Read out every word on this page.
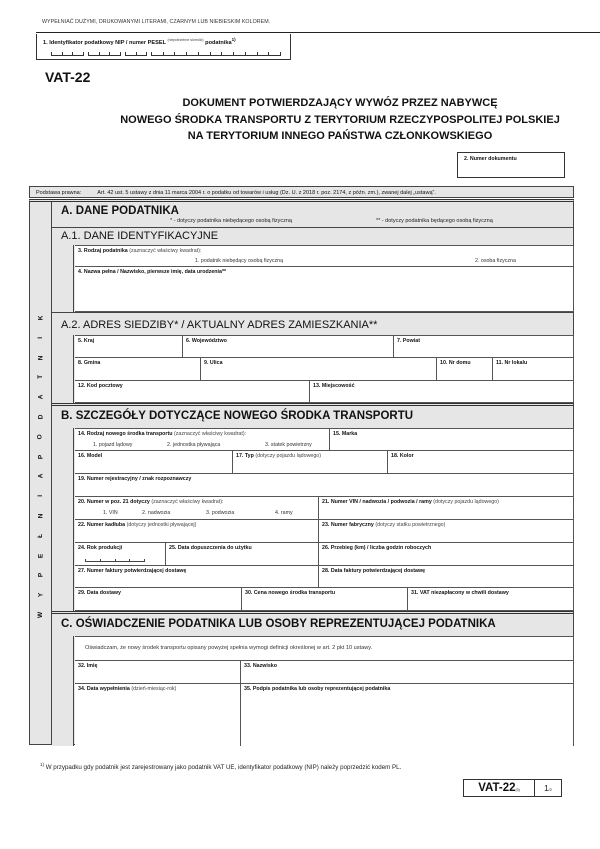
WYPEŁNIAĆ DUŻYMI, DRUKOWANYMI LITERAMI, CZARNYM LUB NIEBIESKIM KOLOREM.
1. Identyfikator podatkowy NIP / numer PESEL $^{(niepotrzebne skreślić)}$ podatnika$^{1)}$
VAT-22
DOKUMENT POTWIERDZAJĄCY WYWÓZ PRZEZ NABYWCĘ
NOWEGO ŚRODKA TRANSPORTU Z TERYTORIUM RZECZYPOSPOLITEJ POLSKIEJ
NA TERYTORIUM INNEGO PAŃSTWA CZŁONKOWSKIEGO
2. Numer dokumentu
Podstawa prawna:	Art. 42 ust. 5 ustawy z dnia 11 marca 2004 r. o podatku od towarów i usług (Dz. U. z 2018 r. poz. 2174, z późn. zm.), zwanej dalej „ustawą”.
W
Y
P
E
Ł
N
I
A
P
O
D
A
T
N
I
K
A. DANE PODATNIKA
* - dotyczy podatnika niebędącego osobą fizyczną	** - dotyczy podatnika będącego osobą fizyczną
A.1. DANE IDENTYFIKACYJNE
3. Rodzaj podatnika (zaznaczyć właściwy kwadrat):
1. podatnik niebędący osobą fizyczną	2. osoba fizyczna
4. Nazwa pełna / Nazwisko, pierwsze imię, data urodzenia**
A.2. ADRES SIEDZIBY* / AKTUALNY ADRES ZAMIESZKANIA**
5. Kraj	6. Województwo	7. Powiat
8. Gmina	9. Ulica	10. Nr domu	11. Nr lokalu
12. Kod pocztowy	13. Miejscowość
B. SZCZEGÓŁY DOTYCZĄCE NOWEGO ŚRODKA TRANSPORTU
14. Rodzaj nowego środka transportu (zaznaczyć właściwy kwadrat):
1. pojazd lądowy	2. jednostka pływająca	3. statek powietrzny
15. Marka
16. Model	17. Typ (dotyczy pojazdu lądowego)	18. Kolor
19. Numer rejestracyjny / znak rozpoznawczy
20. Numer w poz. 21 dotyczy (zaznaczyć właściwy kwadrat):
1. VIN	2. nadwozia	3. podwozia	4. ramy
21. Numer VIN / nadwozia / podwozia / ramy (dotyczy pojazdu lądowego)
22. Numer kadłuba (dotyczy jednostki pływającej)	23. Numer fabryczny (dotyczy statku powietrznego)
24. Rok produkcji	25. Data dopuszczenia do użytku	26. Przebieg (km) / liczba godzin roboczych
27. Numer faktury potwierdzającej dostawę	28. Data faktury potwierdzającej dostawę
29. Data dostawy	30. Cena nowego środka transportu	31. VAT niezapłacony w chwili dostawy
C. OŚWIADCZENIE PODATNIKA LUB OSOBY REPREZENTUJĄCEJ PODATNIKA
Oświadczam, że nowy środek transportu opisany powyżej spełnia wymogi definicji określonej w art. 2 pkt 10 ustawy.
32. Imię	33. Nazwisko
34. Data wypełnienia (dzień-miesiąc-rok)	35. Podpis podatnika lub osoby reprezentującej podatnika
$^{1)}$ W przypadku gdy podatnik jest zarejestrowany jako podatnik VAT UE, identyfikator podatkowy (NIP) należy poprzedzić kodem PL.
VAT-22(3)	1/2
